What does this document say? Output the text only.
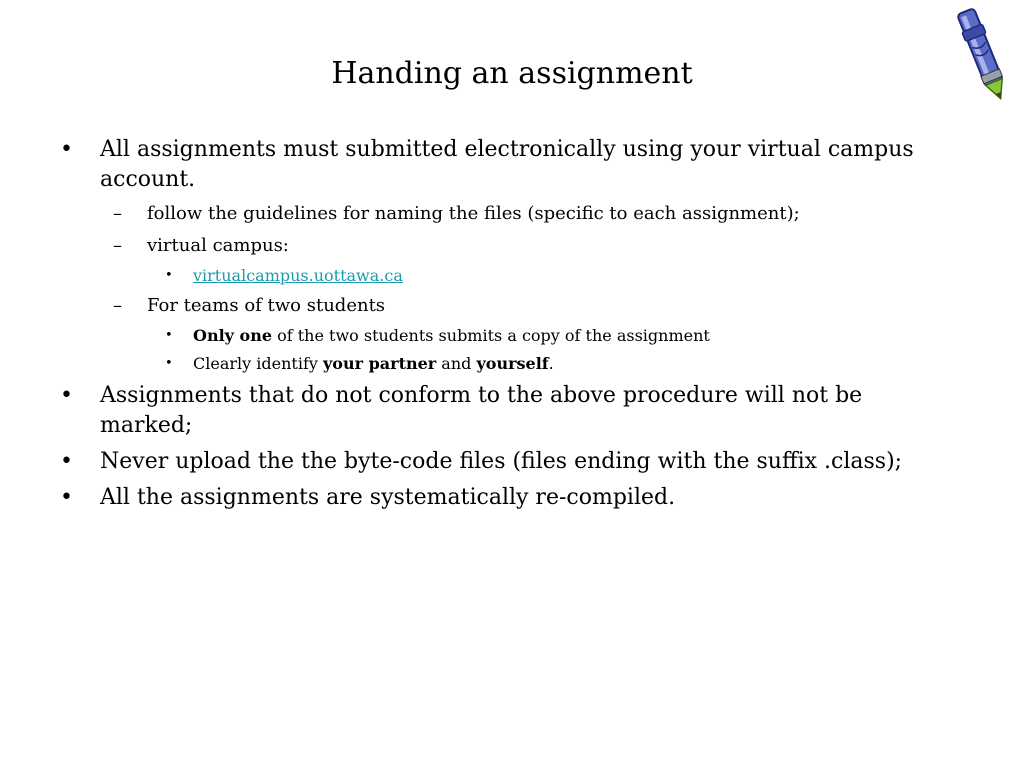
Handing an assignment
• All assignments must submitted electronically using your virtual campus account.
– follow the guidelines for naming the files (specific to each assignment);
– virtual campus:
• virtualcampus.uottawa.ca
– For teams of two students
• Only one of the two students submits a copy of the assignment
• Clearly identify your partner and yourself.
• Assignments that do not conform to the above procedure will not be marked;
• Never upload the the byte-code files (files ending with the suffix .class);
• All the assignments are systematically re-compiled.
